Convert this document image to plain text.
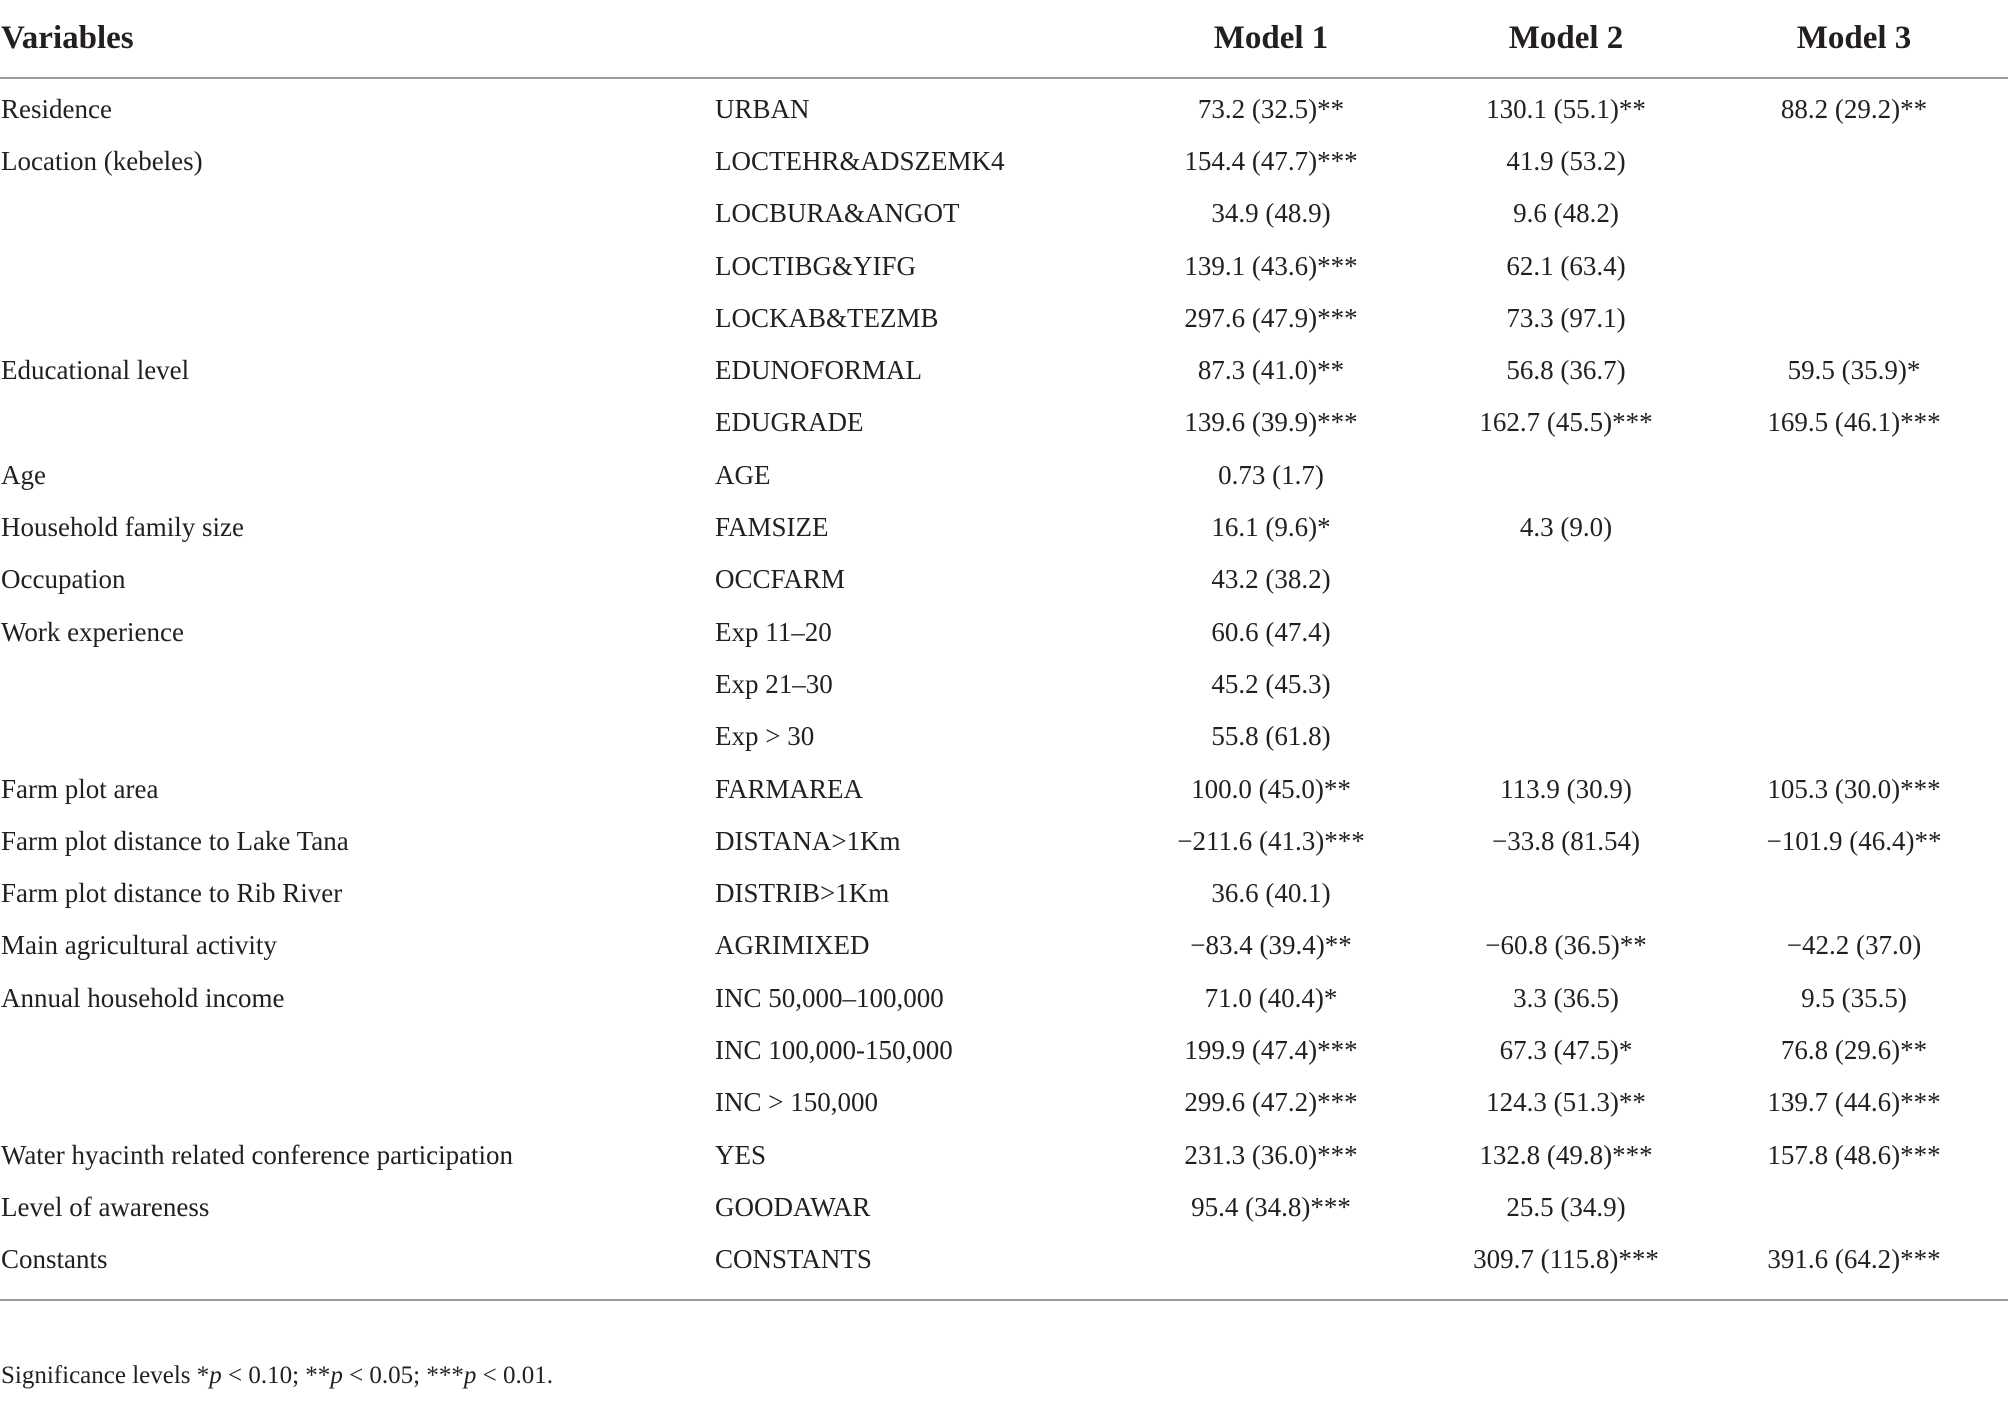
Variables		Model 1	Model 2	Model 3
Residence	URBAN	73.2 (32.5)**	130.1 (55.1)**	88.2 (29.2)**
Location (kebeles)	LOCTEHR&ADSZEMK4	154.4 (47.7)***	41.9 (53.2)	
	LOCBURA&ANGOT	34.9 (48.9)	9.6 (48.2)	
	LOCTIBG&YIFG	139.1 (43.6)***	62.1 (63.4)	
	LOCKAB&TEZMB	297.6 (47.9)***	73.3 (97.1)	
Educational level	EDUNOFORMAL	87.3 (41.0)**	56.8 (36.7)	59.5 (35.9)*
	EDUGRADE	139.6 (39.9)***	162.7 (45.5)***	169.5 (46.1)***
Age	AGE	0.73 (1.7)		
Household family size	FAMSIZE	16.1 (9.6)*	4.3 (9.0)	
Occupation	OCCFARM	43.2 (38.2)		
Work experience	Exp 11–20	60.6 (47.4)		
	Exp 21–30	45.2 (45.3)		
	Exp > 30	55.8 (61.8)		
Farm plot area	FARMAREA	100.0 (45.0)**	113.9 (30.9)	105.3 (30.0)***
Farm plot distance to Lake Tana	DISTANA>1Km	−211.6 (41.3)***	−33.8 (81.54)	−101.9 (46.4)**
Farm plot distance to Rib River	DISTRIB>1Km	36.6 (40.1)		
Main agricultural activity	AGRIMIXED	−83.4 (39.4)**	−60.8 (36.5)**	−42.2 (37.0)
Annual household income	INC 50,000–100,000	71.0 (40.4)*	3.3 (36.5)	9.5 (35.5)
	INC 100,000-150,000	199.9 (47.4)***	67.3 (47.5)*	76.8 (29.6)**
	INC > 150,000	299.6 (47.2)***	124.3 (51.3)**	139.7 (44.6)***
Water hyacinth related conference participation	YES	231.3 (36.0)***	132.8 (49.8)***	157.8 (48.6)***
Level of awareness	GOODAWAR	95.4 (34.8)***	25.5 (34.9)	
Constants	CONSTANTS		309.7 (115.8)***	391.6 (64.2)***
Significance levels *p < 0.10; **p < 0.05; ***p < 0.01.
